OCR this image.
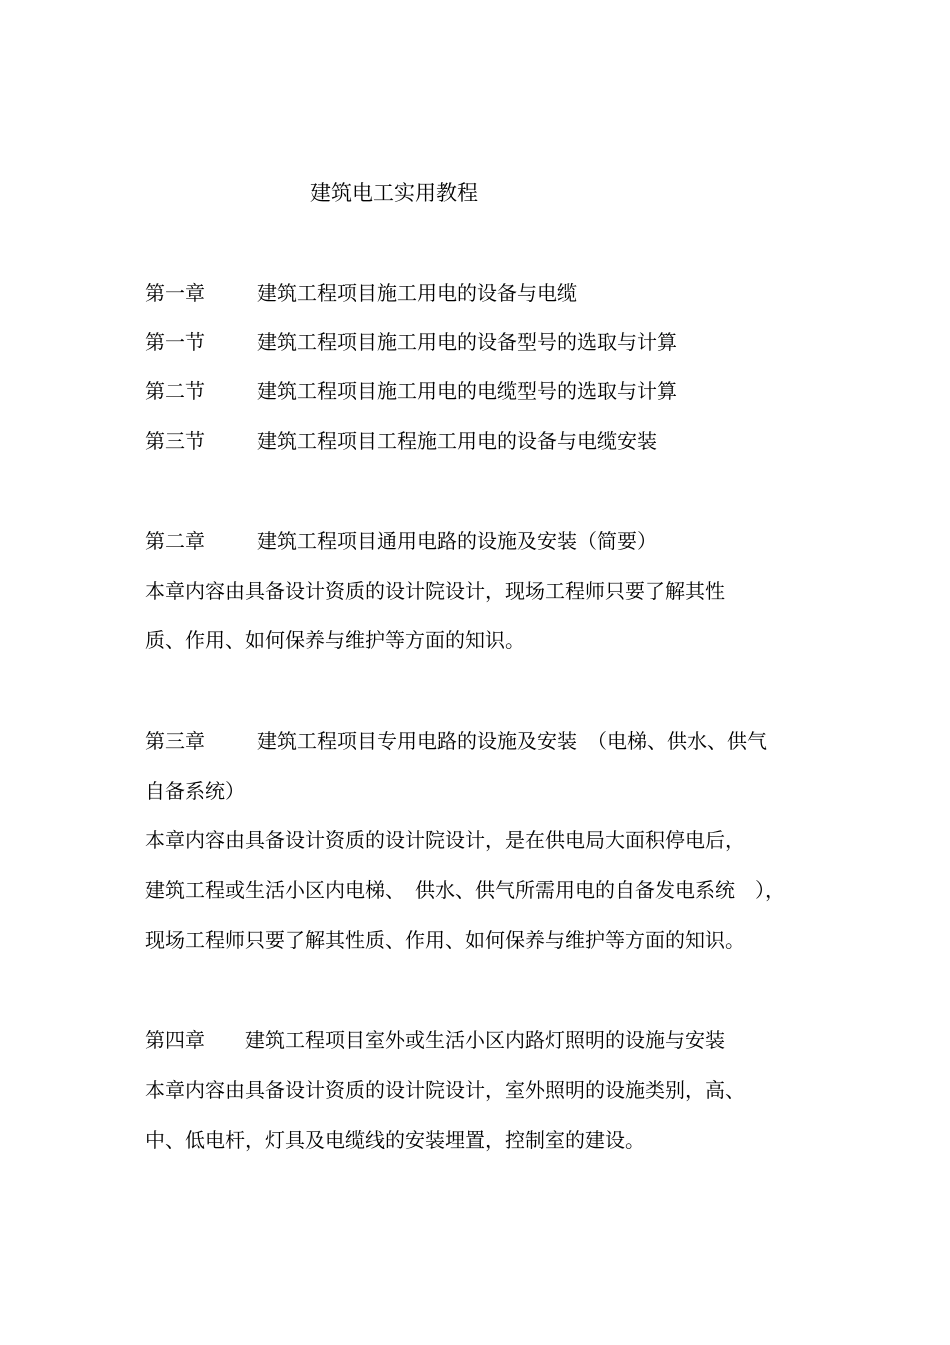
建筑电工实用教程
第一章	建筑工程项目施工用电的设备与电缆
第一节	建筑工程项目施工用电的设备型号的选取与计算
第二节	建筑工程项目施工用电的电缆型号的选取与计算
第三节	建筑工程项目工程施工用电的设备与电缆安装
第二章	建筑工程项目通用电路的设施及安装（简要）
本章内容由具备设计资质的设计院设计，现场工程师只要了解其性
质、作用、如何保养与维护等方面的知识。
第三章	建筑工程项目专用电路的设施及安装　（电梯、供水、供气
自备系统）
本章内容由具备设计资质的设计院设计，是在供电局大面积停电后，
建筑工程或生活小区内电梯、　供水、供气所需用电的自备发电系统　），
现场工程师只要了解其性质、作用、如何保养与维护等方面的知识。
第四章 建筑工程项目室外或生活小区内路灯照明的设施与安装
本章内容由具备设计资质的设计院设计，室外照明的设施类别，高、
中、低电杆，灯具及电缆线的安装埋置，控制室的建设。
